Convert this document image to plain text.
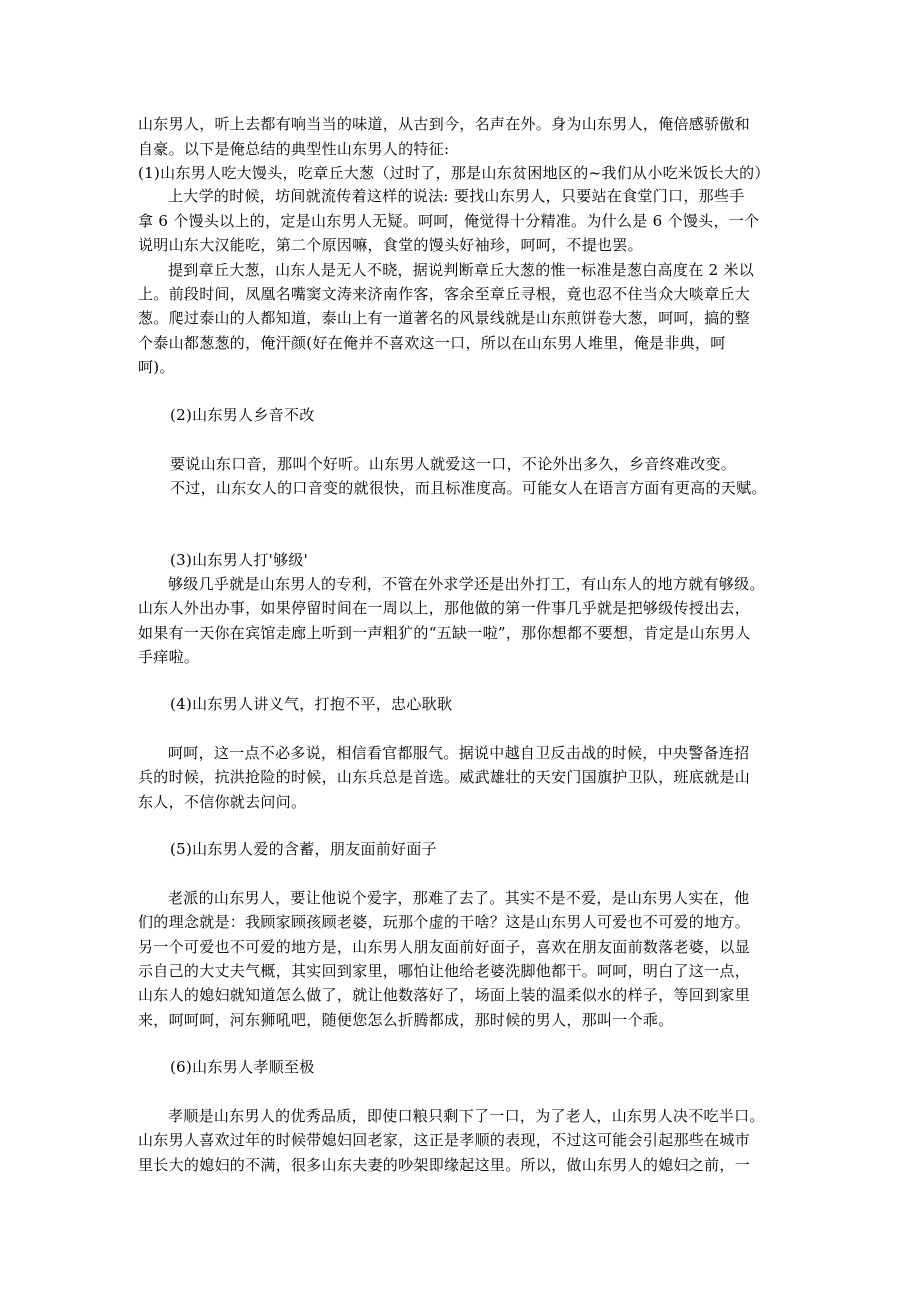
山东男人，听上去都有响当当的味道，从古到今，名声在外。身为山东男人，俺倍感骄傲和
自豪。以下是俺总结的典型性山东男人的特征:
(1)山东男人吃大馒头，吃章丘大葱（过时了，那是山东贫困地区的~我们从小吃米饭长大的）
上大学的时候，坊间就流传着这样的说法: 要找山东男人，只要站在食堂门口，那些手
拿 6 个馒头以上的，定是山东男人无疑。呵呵，俺觉得十分精准。为什么是 6 个馒头，一个
说明山东大汉能吃，第二个原因嘛，食堂的馒头好袖珍，呵呵，不提也罢。
提到章丘大葱，山东人是无人不晓，据说判断章丘大葱的惟一标准是葱白高度在 2 米以
上。前段时间，凤凰名嘴窦文涛来济南作客，客余至章丘寻根，竟也忍不住当众大啖章丘大
葱。爬过泰山的人都知道，泰山上有一道著名的风景线就是山东煎饼卷大葱，呵呵，搞的整
个泰山都葱葱的，俺汗颜(好在俺并不喜欢这一口，所以在山东男人堆里，俺是非典，呵
呵)。
(2)山东男人乡音不改
要说山东口音，那叫个好听。山东男人就爱这一口，不论外出多久，乡音终难改变。
不过，山东女人的口音变的就很快，而且标准度高。可能女人在语言方面有更高的天赋。
(3)山东男人打'够级'
够级几乎就是山东男人的专利，不管在外求学还是出外打工，有山东人的地方就有够级。
山东人外出办事，如果停留时间在一周以上，那他做的第一件事几乎就是把够级传授出去，
如果有一天你在宾馆走廊上听到一声粗犷的“五缺一啦”，那你想都不要想，肯定是山东男人
手痒啦。
(4)山东男人讲义气，打抱不平，忠心耿耿
呵呵，这一点不必多说，相信看官都服气。据说中越自卫反击战的时候，中央警备连招
兵的时候，抗洪抢险的时候，山东兵总是首选。威武雄壮的天安门国旗护卫队，班底就是山
东人，不信你就去问问。
(5)山东男人爱的含蓄，朋友面前好面子
老派的山东男人，要让他说个爱字，那难了去了。其实不是不爱，是山东男人实在，他
们的理念就是：我顾家顾孩顾老婆，玩那个虚的干啥？这是山东男人可爱也不可爱的地方。
另一个可爱也不可爱的地方是，山东男人朋友面前好面子，喜欢在朋友面前数落老婆，以显
示自己的大丈夫气概，其实回到家里，哪怕让他给老婆洗脚他都干。呵呵，明白了这一点，
山东人的媳妇就知道怎么做了，就让他数落好了，场面上装的温柔似水的样子，等回到家里
来，呵呵呵，河东狮吼吧，随便您怎么折腾都成，那时候的男人，那叫一个乖。
(6)山东男人孝顺至极
孝顺是山东男人的优秀品质，即使口粮只剩下了一口，为了老人，山东男人决不吃半口。
山东男人喜欢过年的时候带媳妇回老家，这正是孝顺的表现，不过这可能会引起那些在城市
里长大的媳妇的不满，很多山东夫妻的吵架即缘起这里。所以，做山东男人的媳妇之前，一
